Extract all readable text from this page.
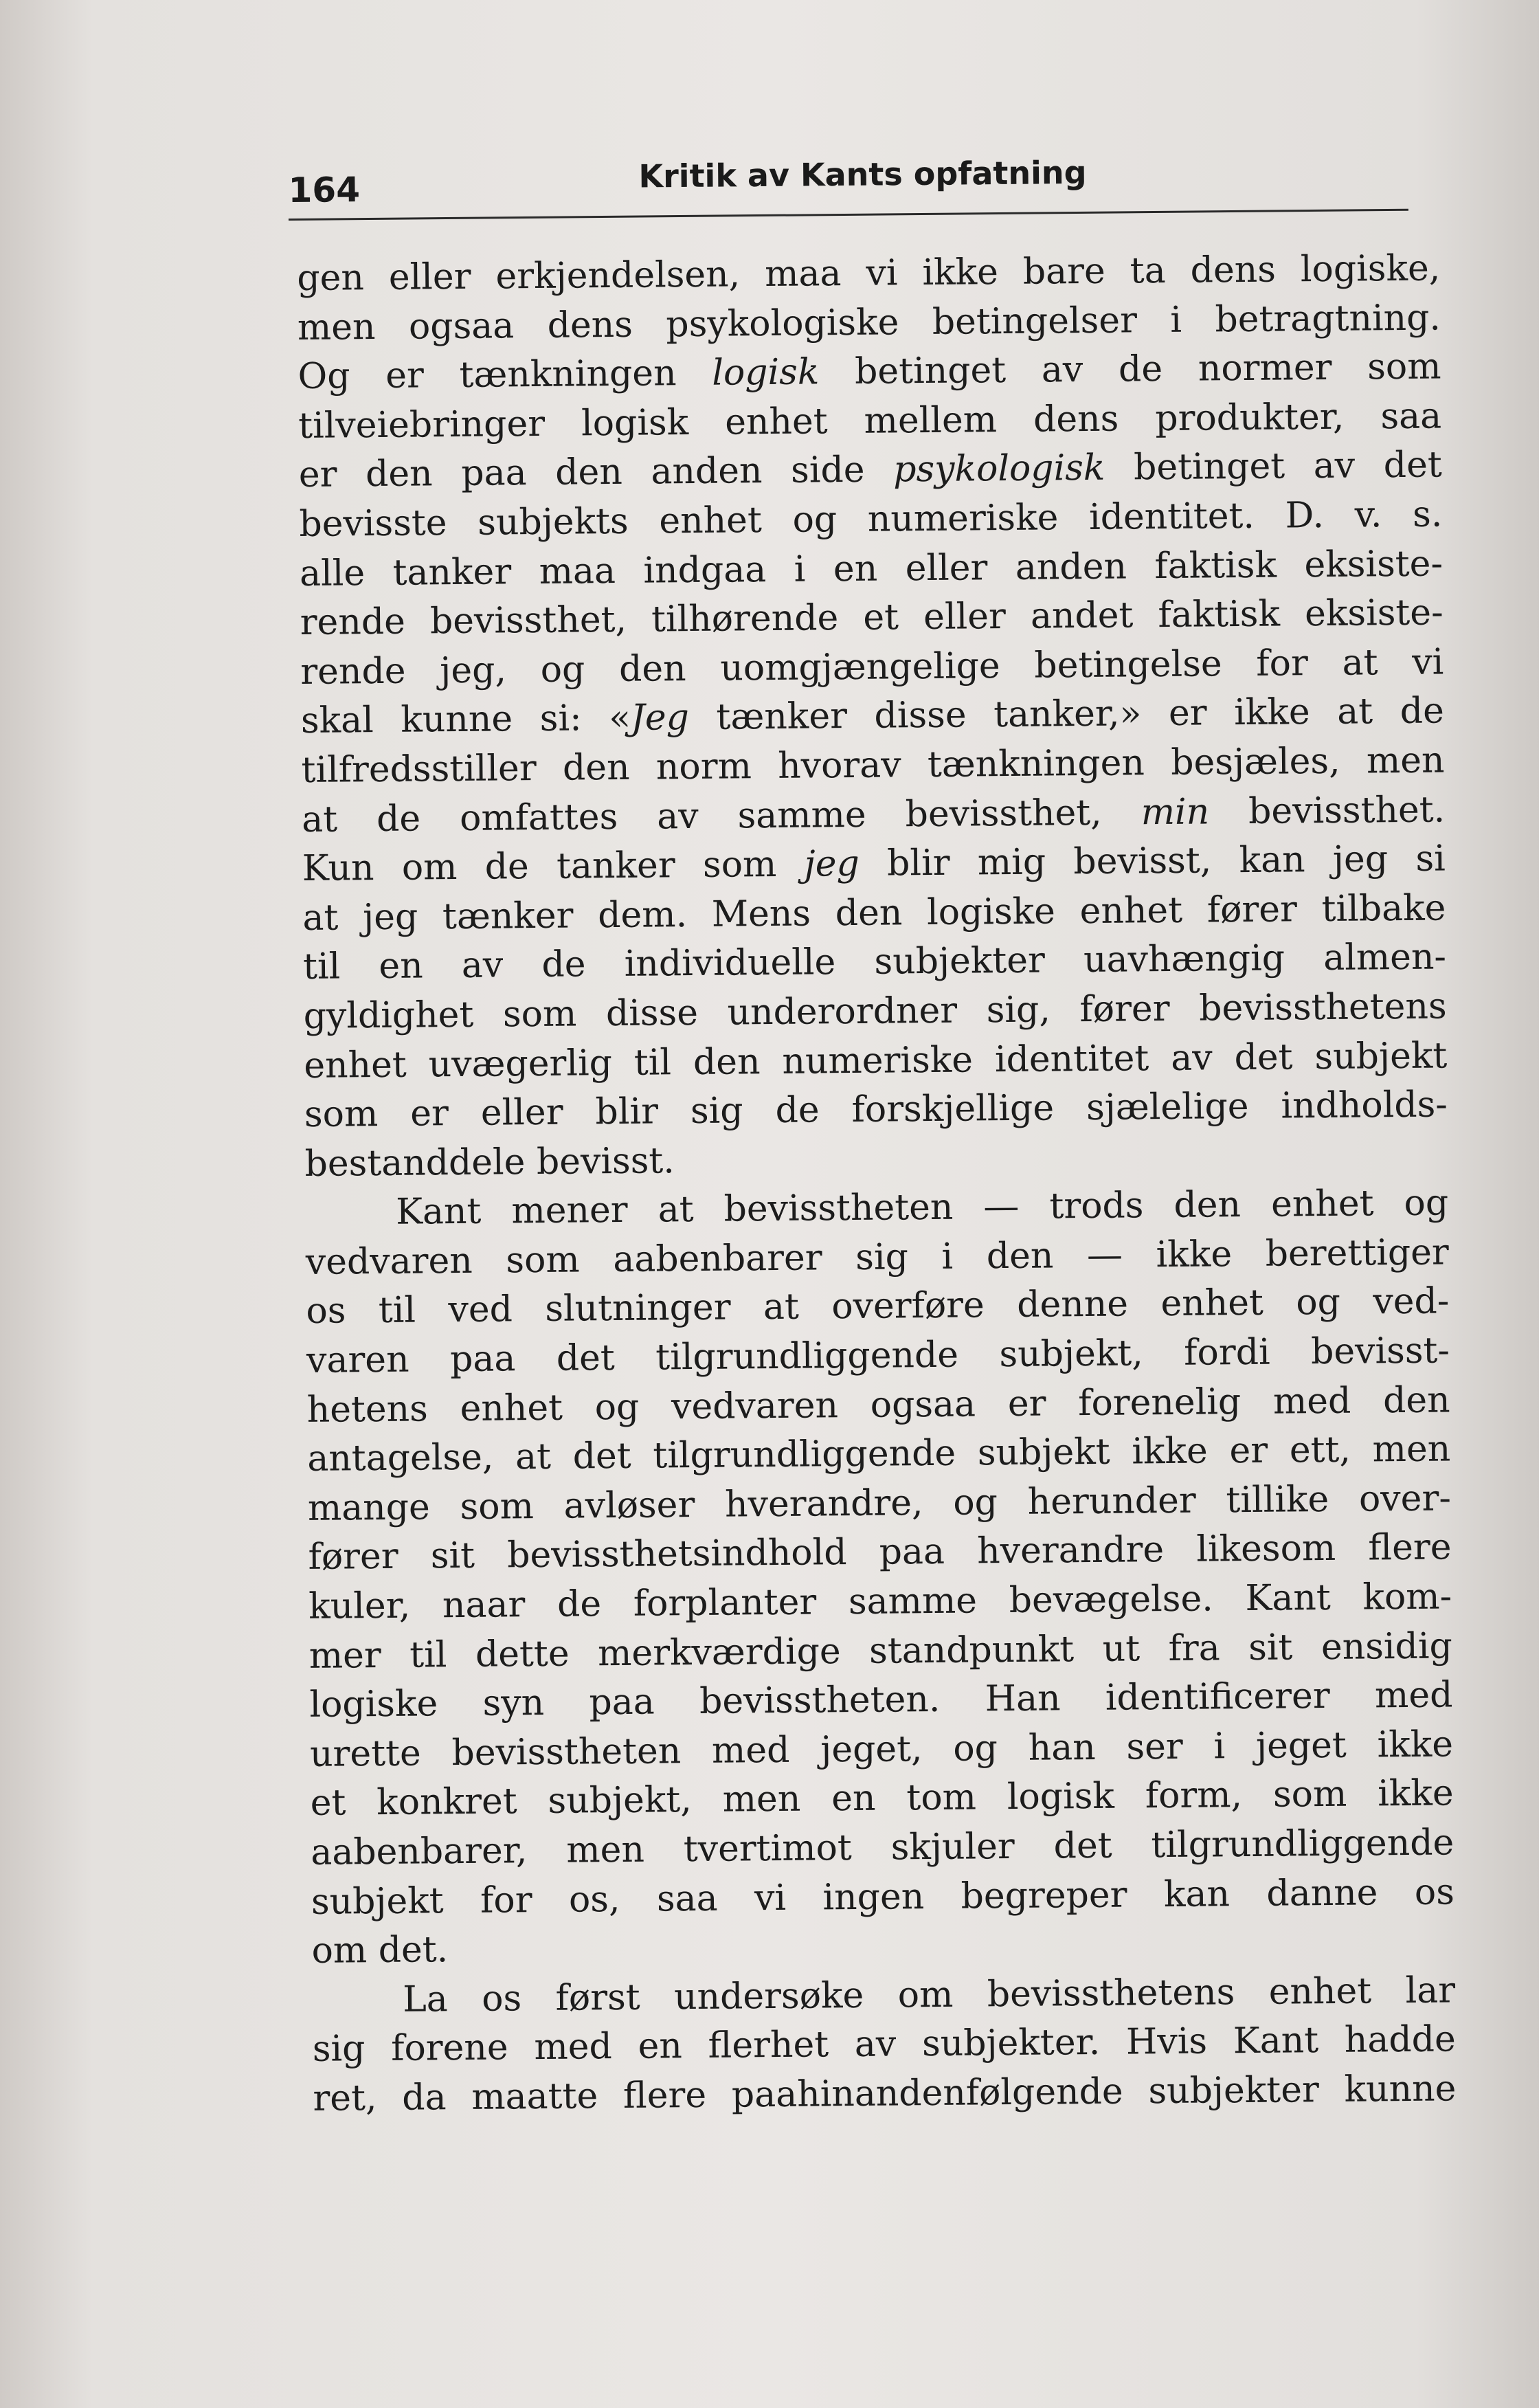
164	Kritik av Kants opfatning
gen eller erkjendelsen, maa vi ikke bare ta dens logiske,
men ogsaa dens psykologiske betingelser i betragtning.
Og er tænkningen logisk betinget av de normer som
tilveiebringer logisk enhet mellem dens produkter, saa
er den paa den anden side psykologisk betinget av det
bevisste subjekts enhet og numeriske identitet. D. v. s.
alle tanker maa indgaa i en eller anden faktisk eksiste-
rende bevissthet, tilhørende et eller andet faktisk eksiste-
rende jeg, og den uomgjængelige betingelse for at vi
skal kunne si: «Jeg tænker disse tanker,» er ikke at de
tilfredsstiller den norm hvorav tænkningen besjæles, men
at de omfattes av samme bevissthet, min bevissthet.
Kun om de tanker som jeg blir mig bevisst, kan jeg si
at jeg tænker dem. Mens den logiske enhet fører tilbake
til en av de individuelle subjekter uavhængig almen-
gyldighet som disse underordner sig, fører bevissthetens
enhet uvægerlig til den numeriske identitet av det subjekt
som er eller blir sig de forskjellige sjælelige indholds-
bestanddele bevisst.
Kant mener at bevisstheten — trods den enhet og
vedvaren som aabenbarer sig i den — ikke berettiger
os til ved slutninger at overføre denne enhet og ved-
varen paa det tilgrundliggende subjekt, fordi bevisst-
hetens enhet og vedvaren ogsaa er forenelig med den
antagelse, at det tilgrundliggende subjekt ikke er ett, men
mange som avløser hverandre, og herunder tillike over-
fører sit bevissthetsindhold paa hverandre likesom flere
kuler, naar de forplanter samme bevægelse. Kant kom-
mer til dette merkværdige standpunkt ut fra sit ensidig
logiske syn paa bevisstheten. Han identificerer med
urette bevisstheten med jeget, og han ser i jeget ikke
et konkret subjekt, men en tom logisk form, som ikke
aabenbarer, men tvertimot skjuler det tilgrundliggende
subjekt for os, saa vi ingen begreper kan danne os
om det.
La os først undersøke om bevissthetens enhet lar
sig forene med en flerhet av subjekter. Hvis Kant hadde
ret, da maatte flere paahinandenfølgende subjekter kunne
